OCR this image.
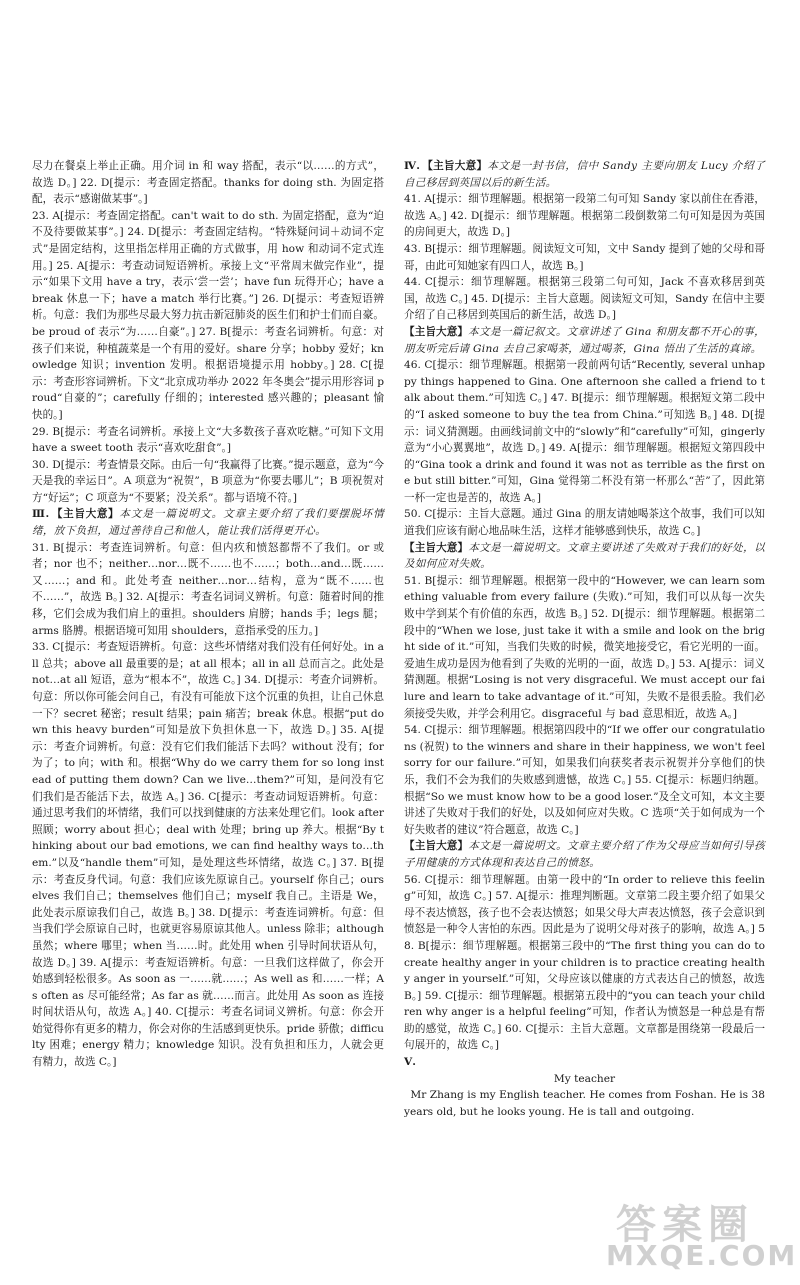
尽力在餐桌上举止正确。用介词 in 和 way 搭配，表示“以……的方式”，故选 D。] 22. D[提示：考查固定搭配。thanks for doing sth. 为固定搭配，表示“感谢做某事”。]

23. A[提示：考查固定搭配。can't wait to do sth. 为固定搭配，意为“迫不及待要做某事”。] 24. D[提示：考查固定结构。“特殊疑问词＋动词不定式”是固定结构，这里指怎样用正确的方式做事，用 how 和动词不定式连用。] 25. A[提示：考查动词短语辨析。承接上文“平常周末做完作业”，提示“如果下文用 have a try，表示‘尝一尝’；have fun 玩得开心；have a break 休息一下；have a match 举行比赛。”] 26. D[提示：考查短语辨析。句意：我们为那些尽最大努力抗击新冠肺炎的医生们和护士们而自豪。be proud of 表示“为……自豪”。] 27. B[提示：考查名词辨析。句意：对孩子们来说，种植蔬菜是一个有用的爱好。share 分享；hobby 爱好；knowledge 知识；invention 发明。根据语境提示用 hobby。] 28. C[提示：考查形容词辨析。下文“北京成功举办 2022 年冬奥会”提示用形容词 proud“自豪的”；carefully 仔细的；interested 感兴趣的；pleasant 愉快的。]

29. B[提示：考查名词辨析。承接上文“大多数孩子喜欢吃糖。”可知下文用 have a sweet tooth 表示“喜欢吃甜食”。]

30. D[提示：考查情景交际。由后一句“我赢得了比赛。”提示题意，意为“今天是我的幸运日”。A 项意为“祝贺”，B 项意为“你要去哪儿”；B 项祝贺对方“好运”；C 项意为“不要紧；没关系”。都与语境不符。]

Ⅲ. 【主旨大意】本文是一篇说明文。文章主要介绍了我们要摆脱坏情绪，放下负担，通过善待自己和他人，能让我们活得更开心。

31. B[提示：考查连词辨析。句意：但内疚和愤怒都帮不了我们。or 或者；nor 也不；neither…nor…既不……也不……；both…and…既……又……；and 和。此处考查 neither…nor…结构，意为“既不……也不……”，故选 B。] 32. A[提示：考查名词词义辨析。句意：随着时间的推移，它们会成为我们肩上的重担。shoulders 肩膀；hands 手；legs 腿；arms 胳膊。根据语境可知用 shoulders，意指承受的压力。]

33. C[提示：考查短语辨析。句意：这些坏情绪对我们没有任何好处。in all 总共；above all 最重要的是；at all 根本；all in all 总而言之。此处是 not…at all 短语，意为“根本不”，故选 C。] 34. D[提示：考查介词辨析。句意：所以你可能会问自己，有没有可能放下这个沉重的负担，让自己休息一下？secret 秘密；result 结果；pain 痛苦；break 休息。根据“put down this heavy burden”可知是放下负担休息一下，故选 D。] 35. A[提示：考查介词辨析。句意：没有它们我们能活下去吗？without 没有；for 为了；to 向；with 和。根据“Why do we carry them for so long instead of putting them down? Can we live…them?”可知，是问没有它们我们是否能活下去，故选 A。] 36. C[提示：考查动词短语辨析。句意：通过思考我们的坏情绪，我们可以找到健康的方法来处理它们。look after 照顾；worry about 担心；deal with 处理；bring up 养大。根据“By thinking about our bad emotions, we can find healthy ways to…them.”以及“handle them”可知，是处理这些坏情绪，故选 C。] 37. B[提示：考查反身代词。句意：我们应该先原谅自己。yourself 你自己；ourselves 我们自己；themselves 他们自己；myself 我自己。主语是 We，此处表示原谅我们自己，故选 B。] 38. D[提示：考查连词辨析。句意：但当我们学会原谅自己时，也就更容易原谅其他人。unless 除非；although 虽然；where 哪里；when 当……时。此处用 when 引导时间状语从句，故选 D。] 39. A[提示：考查短语辨析。句意：一旦我们这样做了，你会开始感到轻松很多。As soon as 一……就……；As well as 和……一样；As often as 尽可能经常；As far as 就……而言。此处用 As soon as 连接时间状语从句，故选 A。] 40. C[提示：考查名词词义辨析。句意：你会开始觉得你有更多的精力，你会对你的生活感到更快乐。pride 骄傲；difficulty 困难；energy 精力；knowledge 知识。没有负担和压力，人就会更有精力，故选 C。]

Ⅳ. 【主旨大意】本文是一封书信，信中 Sandy 主要向朋友 Lucy 介绍了自己移居到英国以后的新生活。

41. A[提示：细节理解题。根据第一段第二句可知 Sandy 家以前住在香港，故选 A。] 42. D[提示：细节理解题。根据第二段倒数第二句可知是因为英国的房间更大，故选 D。]

43. B[提示：细节理解题。阅读短文可知，文中 Sandy 提到了她的父母和哥哥，由此可知她家有四口人，故选 B。]

44. C[提示：细节理解题。根据第三段第二句可知，Jack 不喜欢移居到英国，故选 C。] 45. D[提示：主旨大意题。阅读短文可知，Sandy 在信中主要介绍了自己移居到英国后的新生活，故选 D。]

【主旨大意】本文是一篇记叙文。文章讲述了 Gina 和朋友都不开心的事，朋友听完后请 Gina 去自己家喝茶，通过喝茶，Gina 悟出了生活的真谛。

46. C[提示：细节理解题。根据第一段前两句话“Recently, several unhappy things happened to Gina. One afternoon she called a friend to talk about them.”可知选 C。] 47. B[提示：细节理解题。根据短文第二段中的“I asked someone to buy the tea from China.”可知选 B。] 48. D[提示：词义猜测题。由画线词前文中的“slowly”和“carefully”可知，gingerly 意为“小心翼翼地”，故选 D。] 49. A[提示：细节理解题。根据短文第四段中的“Gina took a drink and found it was not as terrible as the first one but still bitter.”可知，Gina 觉得第二杯没有第一杯那么“苦”了，因此第一杯一定也是苦的，故选 A。]

50. C[提示：主旨大意题。通过 Gina 的朋友请她喝茶这个故事，我们可以知道我们应该有耐心地品味生活，这样才能够感到快乐，故选 C。]

【主旨大意】本文是一篇说明文。文章主要讲述了失败对于我们的好处，以及如何应对失败。

51. B[提示：细节理解题。根据第一段中的“However, we can learn something valuable from every failure (失败).”可知，我们可以从每一次失败中学到某个有价值的东西，故选 B。] 52. D[提示：细节理解题。根据第二段中的“When we lose, just take it with a smile and look on the bright side of it.”可知，当我们失败的时候，微笑地接受它，看它光明的一面。爱迪生成功是因为他看到了失败的光明的一面，故选 D。] 53. A[提示：词义猜测题。根据“Losing is not very disgraceful. We must accept our failure and learn to take advantage of it.”可知，失败不是很丢脸。我们必须接受失败，并学会利用它。disgraceful 与 bad 意思相近，故选 A。]

54. C[提示：细节理解题。根据第四段中的“If we offer our congratulations (祝贺) to the winners and share in their happiness, we won't feel sorry for our failure.”可知，如果我们向获奖者表示祝贺并分享他们的快乐，我们不会为我们的失败感到遗憾，故选 C。] 55. C[提示：标题归纳题。根据“So we must know how to be a good loser.”及全文可知，本文主要讲述了失败对于我们的好处，以及如何应对失败。C 选项“关于如何成为一个好失败者的建议”符合题意，故选 C。]

【主旨大意】本文是一篇说明文。文章主要介绍了作为父母应当如何引导孩子用健康的方式体现和表达自己的愤怒。

56. C[提示：细节理解题。由第一段中的“In order to relieve this feeling”可知，故选 C。] 57. A[提示：推理判断题。文章第二段主要介绍了如果父母不表达愤怒，孩子也不会表达愤怒；如果父母大声表达愤怒，孩子会意识到愤怒是一种令人害怕的东西。因此是为了说明父母对孩子的影响，故选 A。] 58. B[提示：细节理解题。根据第三段中的“The first thing you can do to create healthy anger in your children is to practice creating healthy anger in yourself.”可知，父母应该以健康的方式表达自己的愤怒，故选 B。] 59. C[提示：细节理解题。根据第五段中的“you can teach your children why anger is a helpful feeling”可知，作者认为愤怒是一种总是有帮助的感觉，故选 C。] 60. C[提示：主旨大意题。文章都是围绕第一段最后一句展开的，故选 C。]

Ⅴ.

My teacher

Mr Zhang is my English teacher. He comes from Foshan. He is 38 years old, but he looks young. He is tall and outgoing.

答案圈
MXQE.COM
